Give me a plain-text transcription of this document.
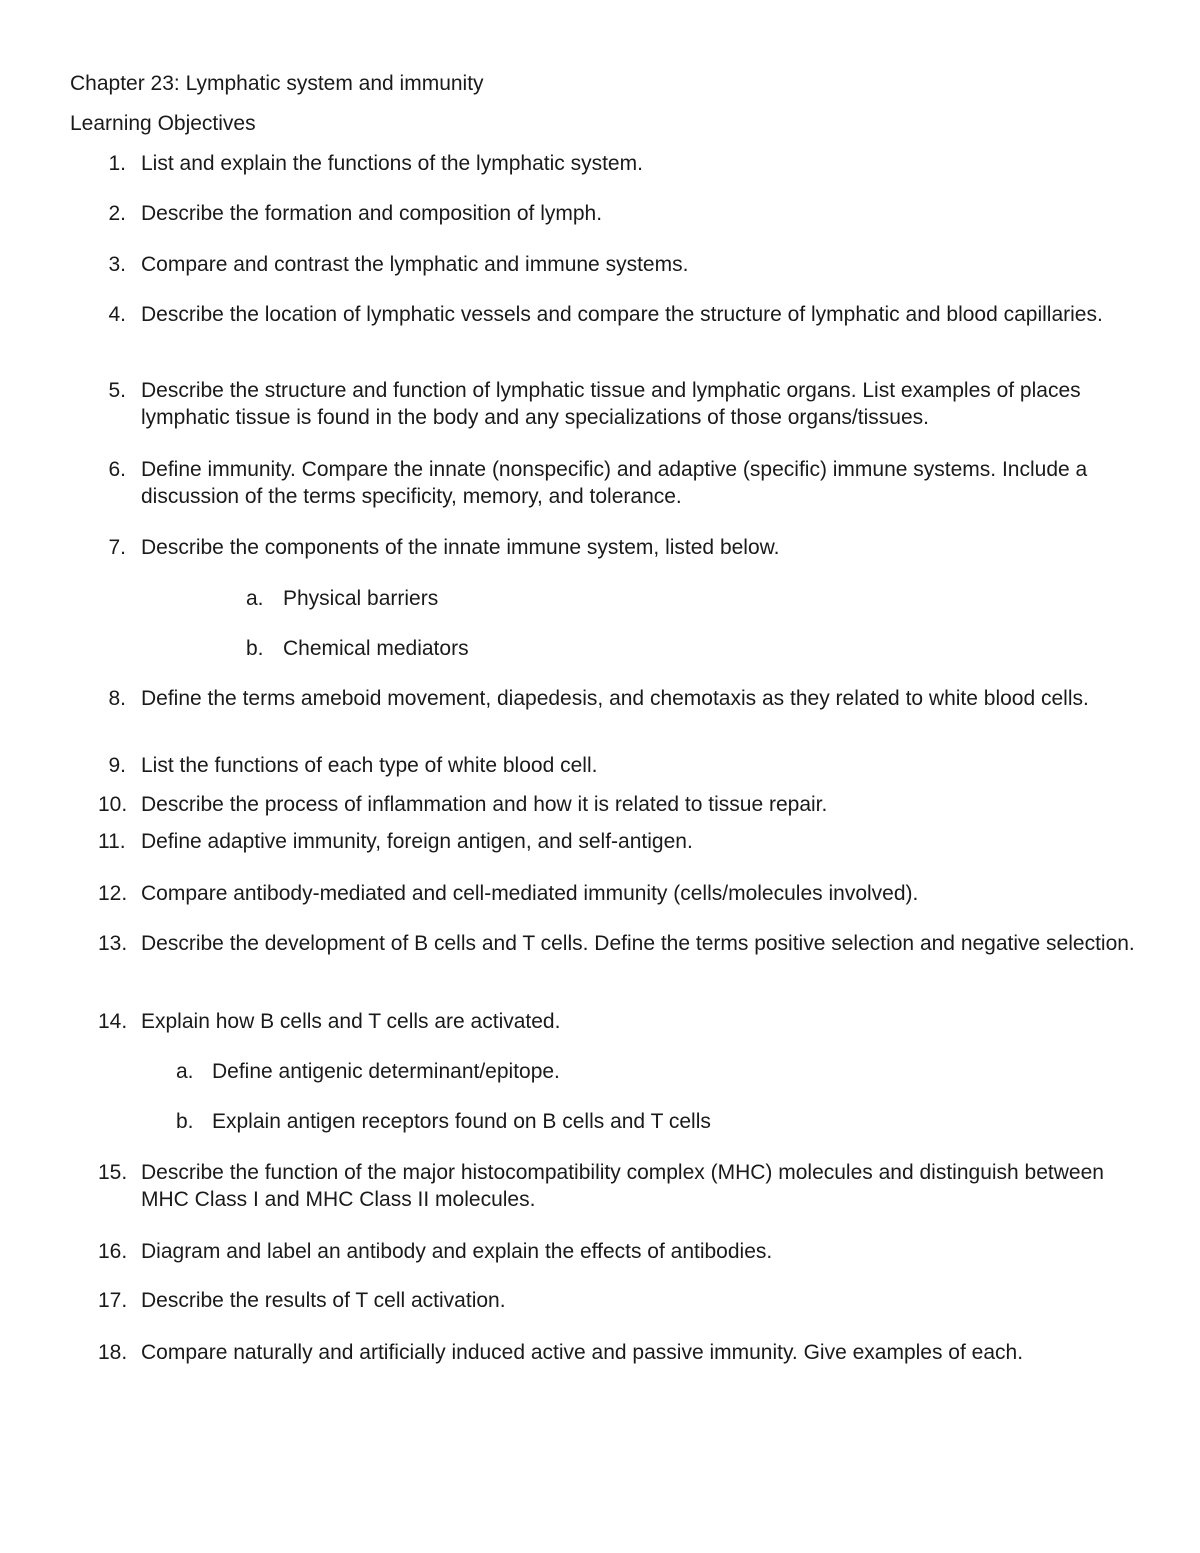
Chapter 23: Lymphatic system and immunity
Learning Objectives
1. List and explain the functions of the lymphatic system.
2. Describe the formation and composition of lymph.
3. Compare and contrast the lymphatic and immune systems.
4. Describe the location of lymphatic vessels and compare the structure of lymphatic and blood capillaries.
5. Describe the structure and function of lymphatic tissue and lymphatic organs. List examples of places lymphatic tissue is found in the body and any specializations of those organs/tissues.
6. Define immunity. Compare the innate (nonspecific) and adaptive (specific) immune systems. Include a discussion of the terms specificity, memory, and tolerance.
7. Describe the components of the innate immune system, listed below.
a. Physical barriers
b. Chemical mediators
8. Define the terms ameboid movement, diapedesis, and chemotaxis as they related to white blood cells.
9. List the functions of each type of white blood cell.
10. Describe the process of inflammation and how it is related to tissue repair.
11. Define adaptive immunity, foreign antigen, and self-antigen.
12. Compare antibody-mediated and cell-mediated immunity (cells/molecules involved).
13. Describe the development of B cells and T cells. Define the terms positive selection and negative selection.
14. Explain how B cells and T cells are activated.
a. Define antigenic determinant/epitope.
b. Explain antigen receptors found on B cells and T cells
15. Describe the function of the major histocompatibility complex (MHC) molecules and distinguish between MHC Class I and MHC Class II molecules.
16. Diagram and label an antibody and explain the effects of antibodies.
17. Describe the results of T cell activation.
18. Compare naturally and artificially induced active and passive immunity. Give examples of each.
